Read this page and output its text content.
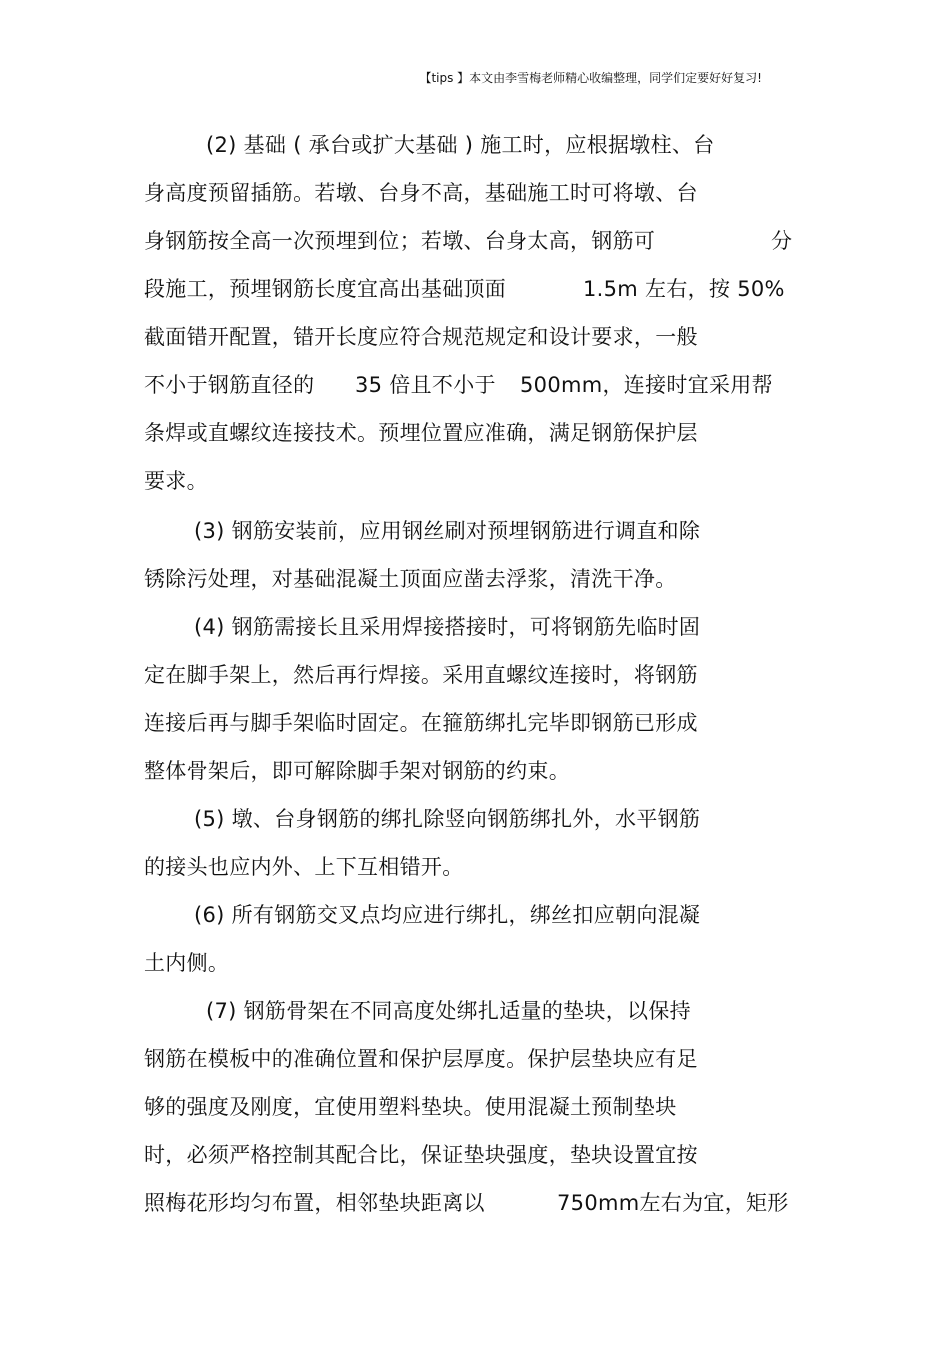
【tips 】本文由李雪梅老师精心收编整理，同学们定要好好复习!
(2) 基础 ( 承台或扩大基础 ) 施工时，应根据墩柱、台
身高度预留插筋。若墩、台身不高，基础施工时可将墩、台
身钢筋按全高一次预埋到位；若墩、台身太高，钢筋可	分
段施工，预埋钢筋长度宜高出基础顶面	1.5m 左右，按 50%
截面错开配置，错开长度应符合规范规定和设计要求，一般
不小于钢筋直径的 35 倍且不小于 500mm，连接时宜采用帮
条焊或直螺纹连接技术。预埋位置应准确，满足钢筋保护层
要求。
(3) 钢筋安装前，应用钢丝刷对预埋钢筋进行调直和除
锈除污处理，对基础混凝土顶面应凿去浮浆，清洗干净。
(4) 钢筋需接长且采用焊接搭接时，可将钢筋先临时固
定在脚手架上，然后再行焊接。采用直螺纹连接时，将钢筋
连接后再与脚手架临时固定。在箍筋绑扎完毕即钢筋已形成
整体骨架后，即可解除脚手架对钢筋的约束。
(5) 墩、台身钢筋的绑扎除竖向钢筋绑扎外，水平钢筋
的接头也应内外、上下互相错开。
(6) 所有钢筋交叉点均应进行绑扎，绑丝扣应朝向混凝
土内侧。
(7) 钢筋骨架在不同高度处绑扎适量的垫块，以保持
钢筋在模板中的准确位置和保护层厚度。保护层垫块应有足
够的强度及刚度，宜使用塑料垫块。使用混凝土预制垫块
时，必须严格控制其配合比，保证垫块强度，垫块设置宜按
照梅花形均匀布置，相邻垫块距离以	750mm左右为宜，矩形
